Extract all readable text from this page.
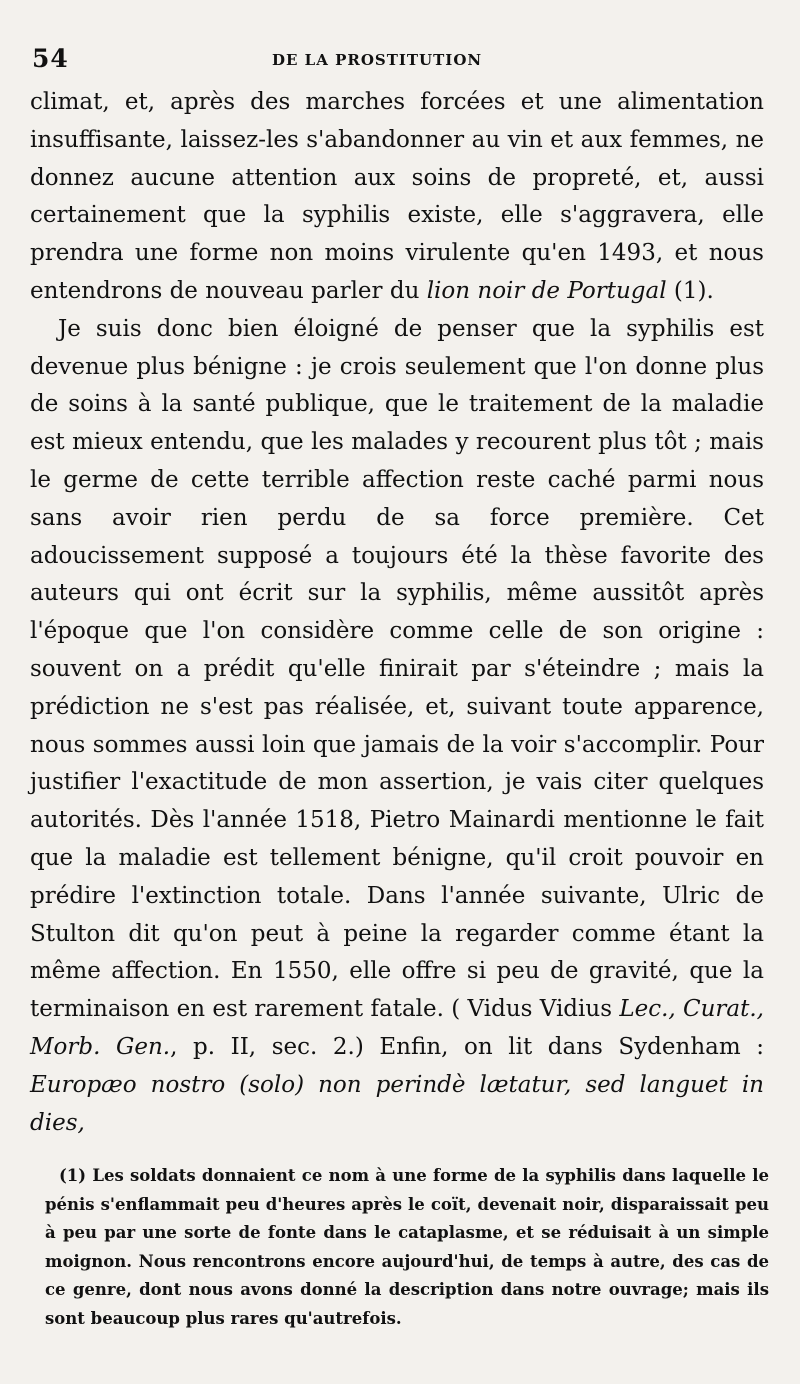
54	DE LA PROSTITUTION

climat, et, après des marches forcées et une alimentation insuffisante, laissez-les s'abandonner au vin et aux femmes, ne donnez aucune attention aux soins de propreté, et, aussi certainement que la syphilis existe, elle s'aggravera, elle prendra une forme non moins virulente qu'en 1493, et nous entendrons de nouveau parler du lion noir de Portugal (1).

Je suis donc bien éloigné de penser que la syphilis est devenue plus bénigne : je crois seulement que l'on donne plus de soins à la santé publique, que le traitement de la maladie est mieux entendu, que les malades y recourent plus tôt ; mais le germe de cette terrible affection reste caché parmi nous sans avoir rien perdu de sa force première. Cet adoucissement supposé a toujours été la thèse favorite des auteurs qui ont écrit sur la syphilis, même aussitôt après l'époque que l'on considère comme celle de son origine : souvent on a prédit qu'elle finirait par s'éteindre ; mais la prédiction ne s'est pas réalisée, et, suivant toute apparence, nous sommes aussi loin que jamais de la voir s'accomplir. Pour justifier l'exactitude de mon assertion, je vais citer quelques autorités. Dès l'année 1518, Pietro Mainardi mentionne le fait que la maladie est tellement bénigne, qu'il croit pouvoir en prédire l'extinction totale. Dans l'année suivante, Ulric de Stulton dit qu'on peut à peine la regarder comme étant la même affection. En 1550, elle offre si peu de gravité, que la terminaison en est rarement fatale. ( Vidus Vidius Lec., Curat., Morb. Gen., p. II, sec. 2.) Enfin, on lit dans Sydenham : Europæo nostro (solo) non perindè lætatur, sed languet in dies,

(1) Les soldats donnaient ce nom à une forme de la syphilis dans laquelle le pénis s'enflammait peu d'heures après le coït, devenait noir, disparaissait peu à peu par une sorte de fonte dans le cataplasme, et se réduisait à un simple moignon. Nous rencontrons encore aujourd'hui, de temps à autre, des cas de ce genre, dont nous avons donné la description dans notre ouvrage; mais ils sont beaucoup plus rares qu'autrefois.
